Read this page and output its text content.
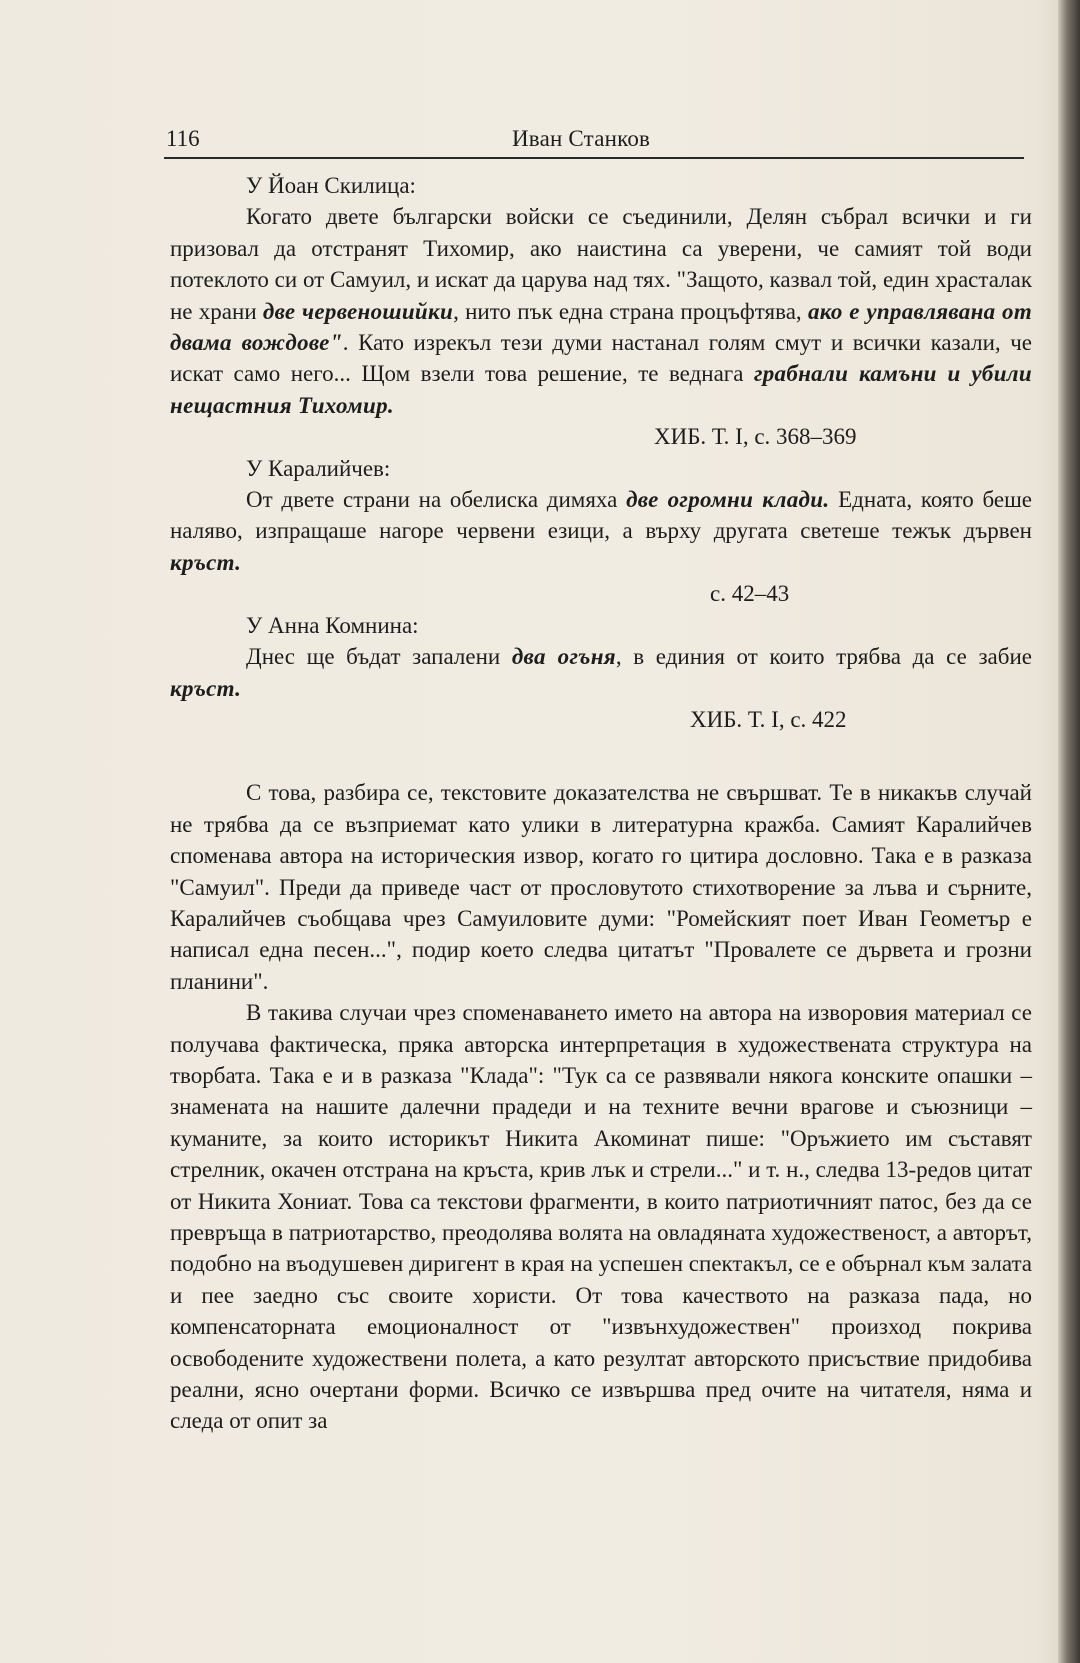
116	Иван Станков

У Йоан Скилица:

Когато двете български войски се съединили, Делян събрал всички и ги призовал да отстранят Тихомир, ако наистина са уверени, че самият той води потеклото си от Самуил, и искат да царува над тях. "Защото, казвал той, един храсталак не храни две червеношийки, нито пък една страна процъфтява, ако е управлявана от двама вождове". Като изрекъл тези думи настанал голям смут и всички казали, че искат само него... Щом взели това решение, те веднага грабнали камъни и убили нещастния Тихомир.

ХИБ. Т. I, с. 368–369

У Каралийчев:

От двете страни на обелиска димяха две огромни клади. Едната, която беше наляво, изпращаше нагоре червени езици, а върху другата светеше тежък дървен кръст.

с. 42–43

У Анна Комнина:

Днес ще бъдат запалени два огъня, в единия от които трябва да се забие кръст.

ХИБ. Т. I, с. 422

С това, разбира се, текстовите доказателства не свършват. Те в никакъв случай не трябва да се възприемат като улики в литературна кражба. Самият Каралийчев споменава автора на историческия извор, когато го цитира дословно. Така е в разказа "Самуил". Преди да приведе част от прословутото стихотворение за лъва и сърните, Каралийчев съобщава чрез Самуиловите думи: "Ромейският поет Иван Геометър е написал една песен...", подир което следва цитатът "Провалете се дървета и грозни планини".

В такива случаи чрез споменаването името на автора на изворовия материал се получава фактическа, пряка авторска интерпретация в художествената структура на творбата. Така е и в разказа "Клада": "Тук са се развявали някога конските опашки – знамената на нашите далечни прадеди и на техните вечни врагове и съюзници – куманите, за които историкът Никита Акоминат пише: "Оръжието им съставят стрелник, окачен отстрана на кръста, крив лък и стрели..." и т. н., следва 13-редов цитат от Никита Хониат. Това са текстови фрагменти, в които патриотичният патос, без да се превръща в патриотарство, преодолява волята на овладяната художественост, а авторът, подобно на въодушевен диригент в края на успешен спектакъл, се е обърнал към залата и пее заедно със своите хористи. От това качеството на разказа пада, но компенсаторната емоционалност от "извънхудожествен" произход покрива освободените художествени полета, а като резултат авторското присъствие придобива реални, ясно очертани форми. Всичко се извършва пред очите на читателя, няма и следа от опит за
